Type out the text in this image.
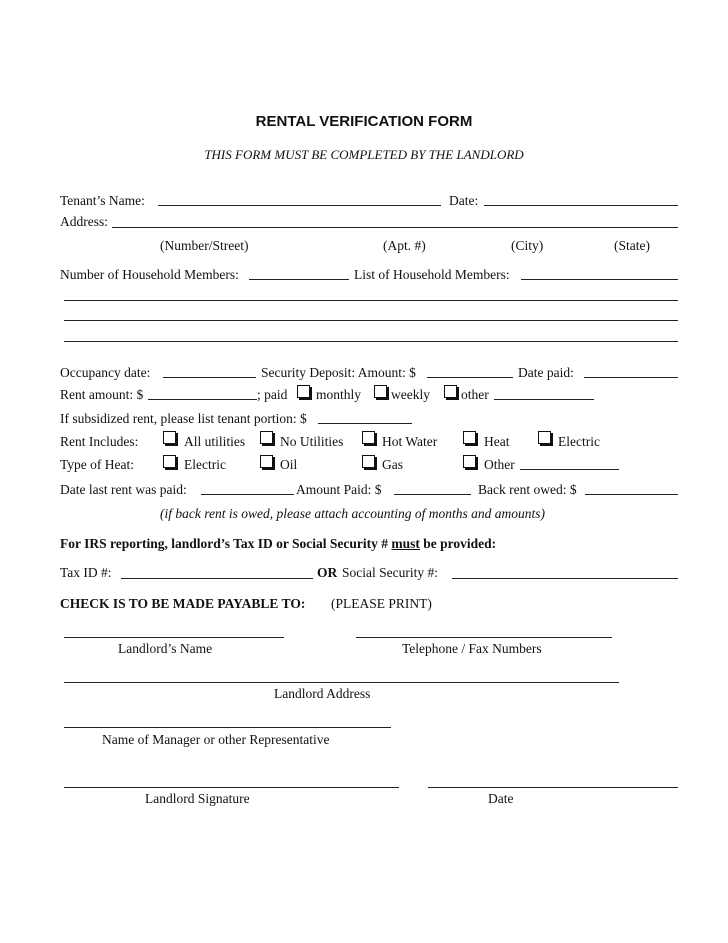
RENTAL VERIFICATION FORM
THIS FORM MUST BE COMPLETED BY THE LANDLORD
Tenant’s Name:	Date:
Address:
(Number/Street)	(Apt. #)	(City)	(State)
Number of Household Members:	List of Household Members:
Occupancy date:	Security Deposit: Amount: $	Date paid:
Rent amount: $	; paid monthly weekly other
If subsidized rent, please list tenant portion: $
Rent Includes:	All utilities	No Utilities	Hot Water	Heat	Electric
Type of Heat:	Electric	Oil	Gas	Other
Date last rent was paid:	Amount Paid: $	Back rent owed: $
(if back rent is owed, please attach accounting of months and amounts)
For IRS reporting, landlord’s Tax ID or Social Security # must be provided:
Tax ID #:	OR Social Security #:
CHECK IS TO BE MADE PAYABLE TO: (PLEASE PRINT)
Landlord’s Name	Telephone / Fax Numbers
Landlord Address
Name of Manager or other Representative
Landlord Signature	Date
